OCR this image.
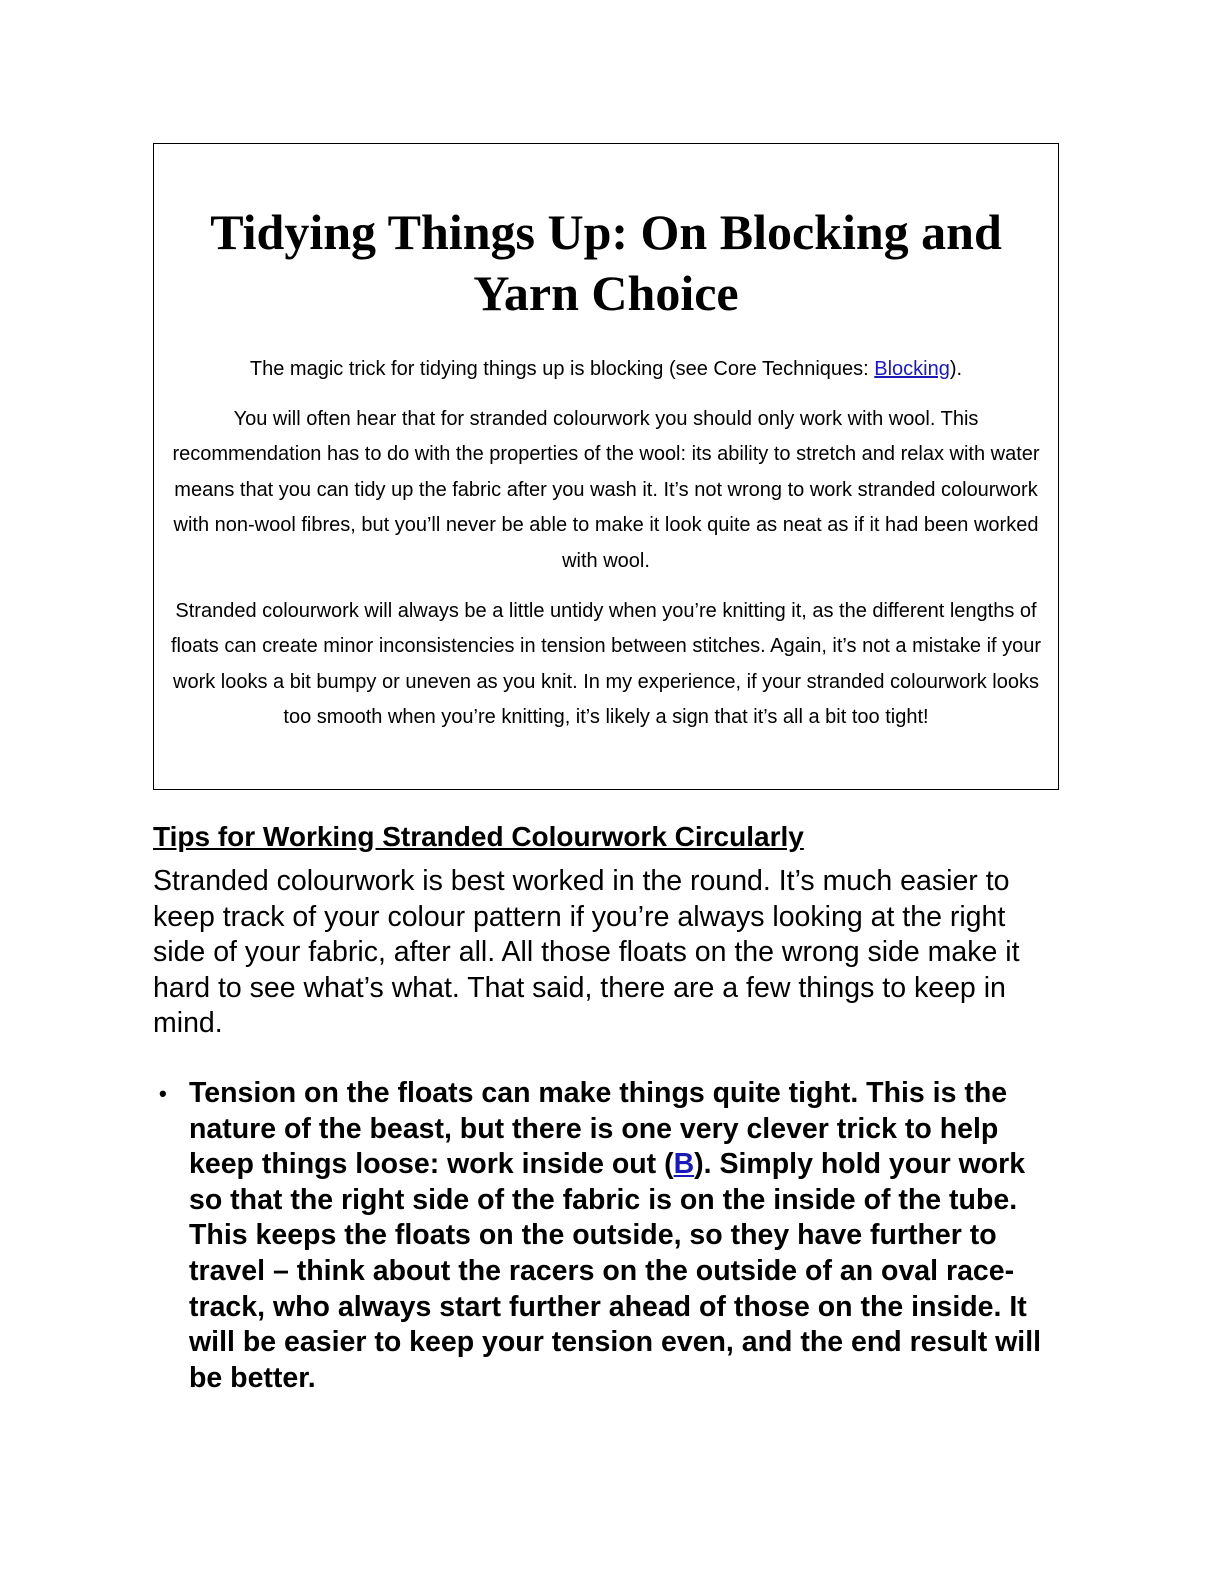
Tidying Things Up: On Blocking and Yarn Choice

The magic trick for tidying things up is blocking (see Core Techniques: Blocking).

You will often hear that for stranded colourwork you should only work with wool. This recommendation has to do with the properties of the wool: its ability to stretch and relax with water means that you can tidy up the fabric after you wash it. It’s not wrong to work stranded colourwork with non-wool fibres, but you’ll never be able to make it look quite as neat as if it had been worked with wool.

Stranded colourwork will always be a little untidy when you’re knitting it, as the different lengths of floats can create minor inconsistencies in tension between stitches. Again, it’s not a mistake if your work looks a bit bumpy or uneven as you knit. In my experience, if your stranded colourwork looks too smooth when you’re knitting, it’s likely a sign that it’s all a bit too tight!

Tips for Working Stranded Colourwork Circularly

Stranded colourwork is best worked in the round. It’s much easier to keep track of your colour pattern if you’re always looking at the right side of your fabric, after all. All those floats on the wrong side make it hard to see what’s what. That said, there are a few things to keep in mind.

• Tension on the floats can make things quite tight. This is the nature of the beast, but there is one very clever trick to help keep things loose: work inside out (B). Simply hold your work so that the right side of the fabric is on the inside of the tube. This keeps the floats on the outside, so they have further to travel – think about the racers on the outside of an oval race-track, who always start further ahead of those on the inside. It will be easier to keep your tension even, and the end result will be better.
